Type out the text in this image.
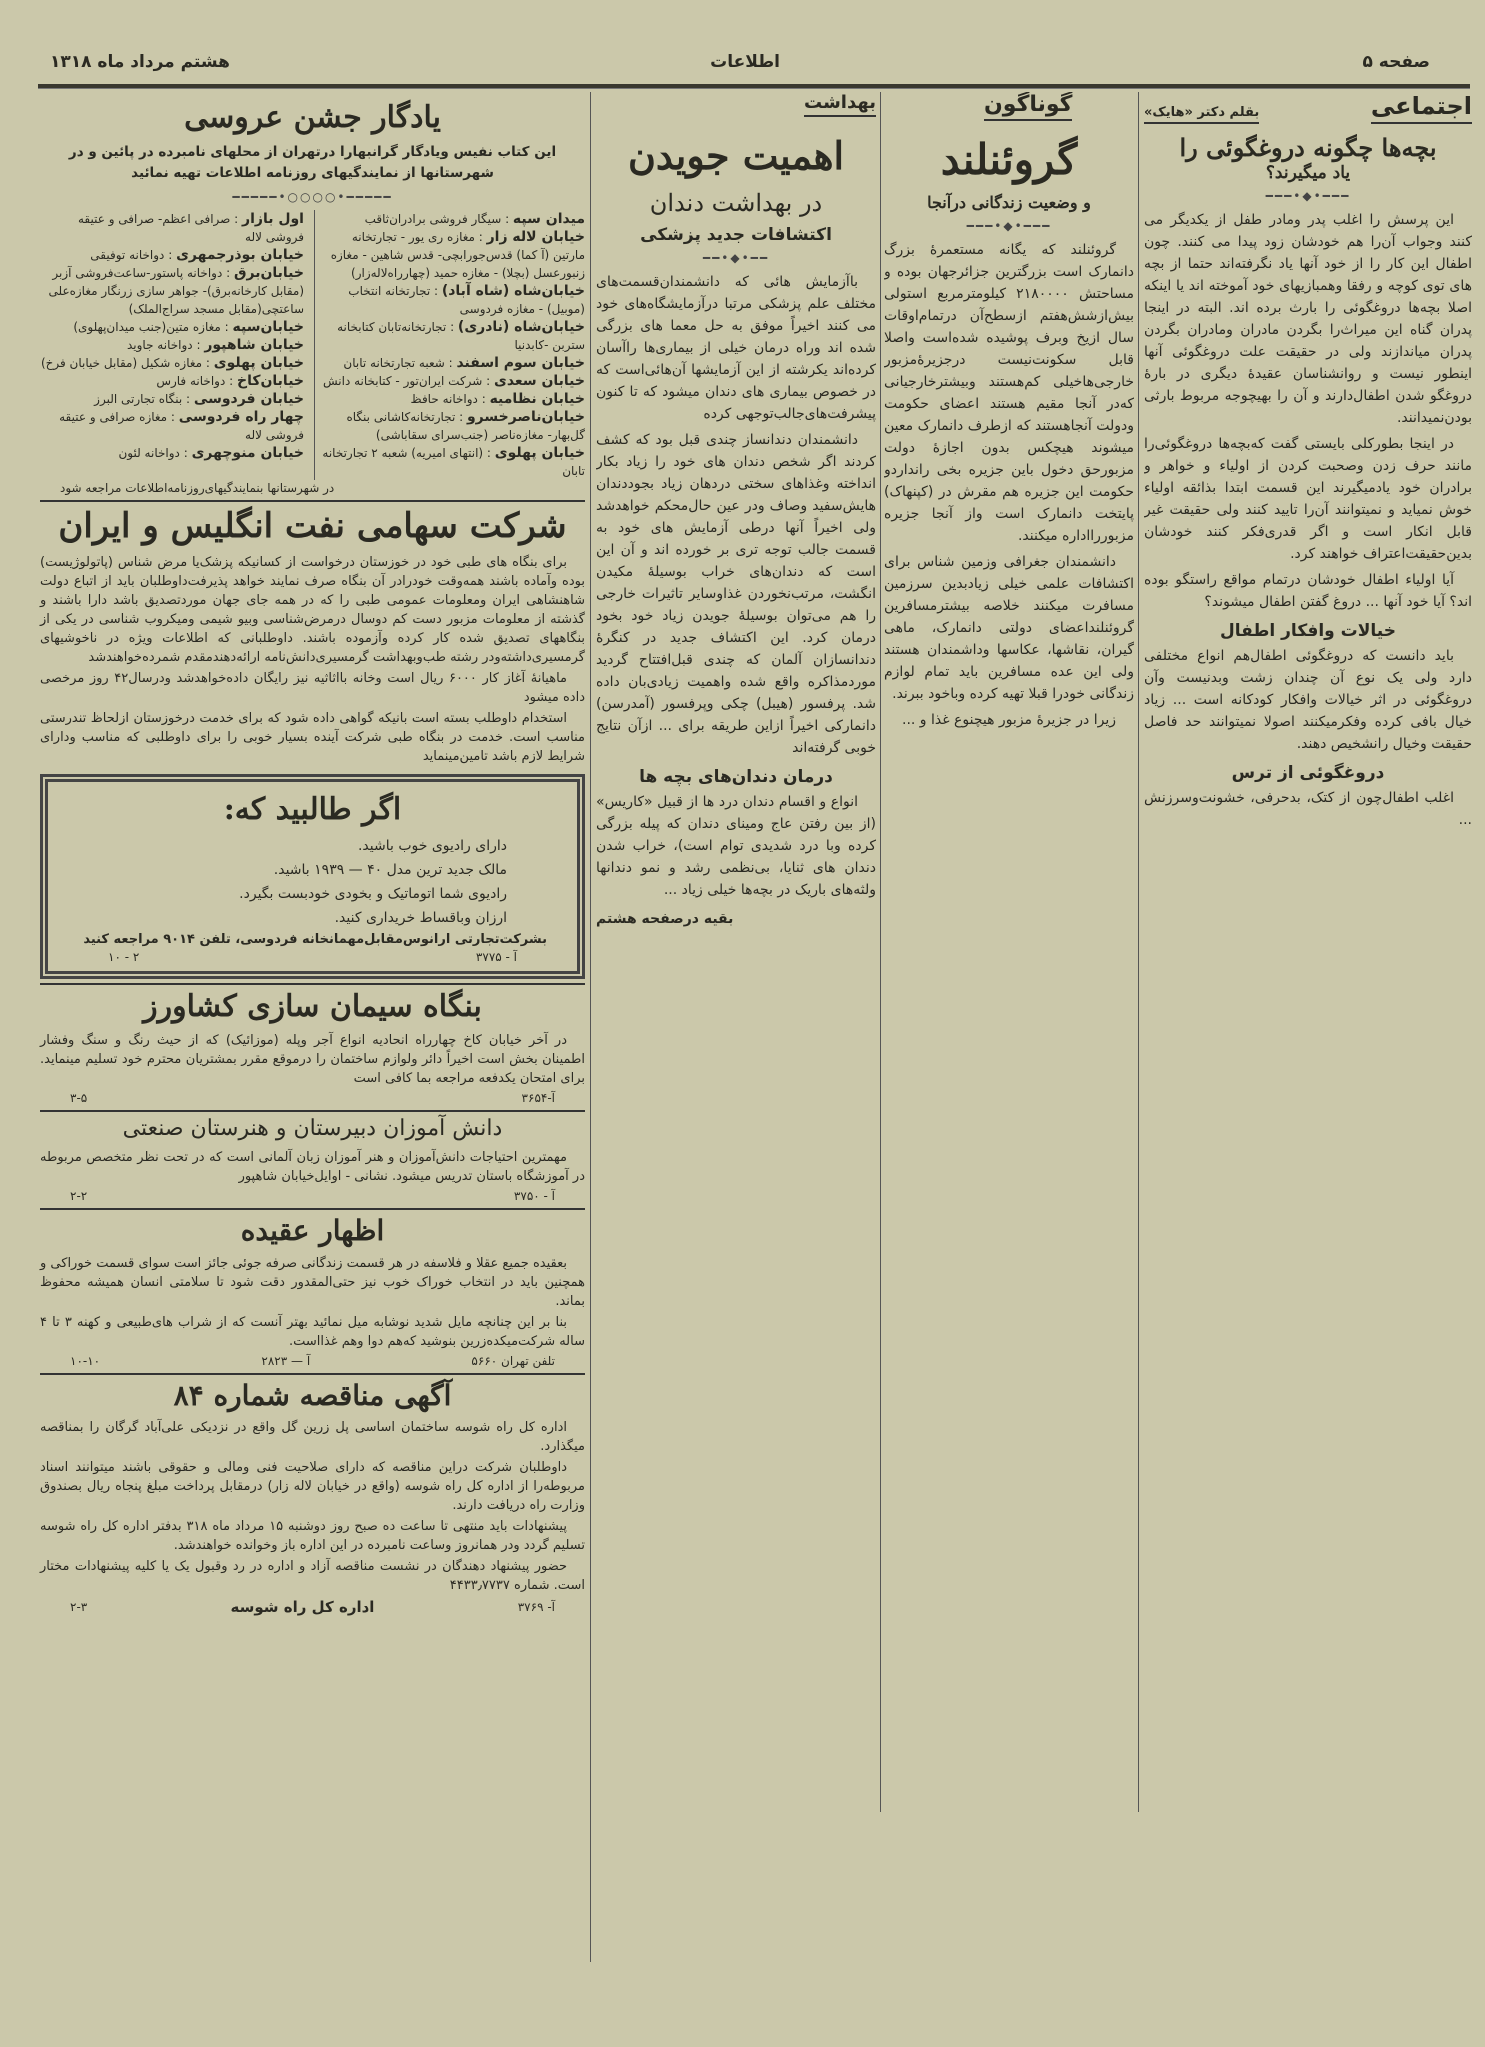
صفحه ۵
اطلاعات
هشتم مرداد ماه ۱۳۱۸
اجتماعی
بقلم دکتر «هایک»
بچه‌ها چگونه دروغگوئی را
یاد میگیرند؟
━━━•◆•━━━

این پرسش را اغلب پدر ومادر طفل از یکدیگر می کنند وجواب آن‌را هم خودشان زود پیدا می کنند. چون اطفال این کار را از خود آنها یاد نگرفته‌اند حتما از بچه های توی کوچه و رفقا وهمبازیهای خود آموخته اند یا اینکه اصلا بچه‌ها دروغگوئی را بارث برده اند. البته در اینجا پدران گناه این میراث‌را بگردن مادران ومادران بگردن پدران میاندازند ولی در حقیقت علت دروغگوئی آنها اینطور نیست و روانشناسان عقیدهٔ دیگری در بارهٔ دروغگو شدن اطفال‌دارند و آن را بهیچوجه مربوط بارثی بودن‌نمیدانند.

در اینجا بطورکلی بایستی گفت که‌بچه‌ها دروغگوئی‌را مانند حرف زدن وصحبت کردن از اولیاء و خواهر و برادران خود یادمیگیرند این قسمت ابتدا بذائقه اولیاء خوش نمیاید و نمیتوانند آن‌را تایید کنند ولی حقیقت غیر قابل انکار است و اگر قدری‌فکر کنند خودشان بدین‌حقیقت‌اعتراف خواهند کرد.

آیا اولیاء اطفال خودشان درتمام مواقع راستگو بوده اند؟ آیا خود آنها ... دروغ گفتن اطفال میشوند؟

خیالات وافکار اطفال

باید دانست که دروغگوئی اطفال‌هم انواع مختلفی دارد ولی یک نوع آن چندان زشت وبدنیست وآن دروغگوئی در اثر خیالات وافکار کودکانه است ... زیاد خیال بافی کرده وفکرمیکنند اصولا نمیتوانند حد فاصل حقیقت وخیال رانشخیص دهند.

دروغگوئی از ترس

اغلب اطفال‌چون از کتک، بدحرفی، خشونت‌وسرزنش ...

گوناگون
گروئنلند
و وضعیت زندگانی درآنجا
━━━•◆•━━━

گروئنلند که یگانه مستعمرهٔ بزرگ دانمارک است بزرگترین جزائرجهان بوده و مساحتش ۲۱۸۰۰۰۰ کیلومترمربع استولی بیش‌ازشش‌هفتم ازسطح‌آن درتمام‌اوقات سال ازیخ وبرف پوشیده شده‌است واصلا قابل سکونت‌نیست درجزیرهٔ‌مزبور خارجی‌هاخیلی کم‌هستند وبیشترخارجیانی که‌در آنجا مقیم هستند اعضای حکومت ودولت آنجاهستند که ازطرف دانمارک معین میشوند هیچکس بدون اجازهٔ دولت مزبورحق دخول باین جزیره بخی رانداردو حکومت این جزیره هم مقرش در (کپنهاک) پایتخت دانمارک است واز آنجا جزیره مزبوررااداره میکنند.

دانشمندان جغرافی وزمین شناس برای اکتشافات علمی خیلی زیادبدین سرزمین مسافرت میکنند خلاصه بیشترمسافرین گروئنلنداعضای دولتی دانمارک، ماهی گیران، نقاشها، عکاسها وداشمندان هستند ولی این عده مسافرین باید تمام لوازم زندگانی خودرا قبلا تهیه کرده وباخود ببرند.

زیرا در جزیرهٔ مزبور هیچنوع غذا و ...

بهداشت
اهمیت جویدن
در بهداشت دندان
اکتشافات جدید پزشکی
━━•◆•━━

باآزمایش هائی که دانشمندان‌قسمت‌های مختلف علم پزشکی مرتبا درآزمایشگاه‌های خود می کنند اخیراً موفق به حل معما های بزرگی شده اند وراه درمان خیلی از بیماری‌ها راآسان کرده‌اند یکرشته از این آزمایشها آن‌هائی‌است که در خصوص بیماری های دندان میشود که تا کنون پیشرفت‌های‌جالب‌توجهی کرده

دانشمندان دندانساز چندی قبل بود که کشف کردند اگر شخص دندان های خود را زیاد بکار انداخته وغذاهای سختی دردهان زیاد بجوددندان هایش‌سفید وصاف ودر عین حال‌محکم خواهدشد ولی اخیراً آنها درطی آزمایش های خود به قسمت جالب توجه تری بر خورده اند و آن این است که دندان‌های خراب بوسیلهٔ مکیدن انگشت، مرتب‌نخوردن غذاوسایر تاثیرات خارجی را هم می‌توان بوسیلهٔ جویدن زیاد خود بخود درمان کرد. این اکتشاف جدید در کنگرهٔ دندانسازان آلمان که چندی قبل‌افتتاح گردید موردمذاکره واقع شده واهمیت زیادی‌بان داده شد. پرفسور (هیبل) چکی وپرفسور (آمدرسن) دانمارکی اخیراً ازاین طریقه برای ... ازآن نتایج خوبی گرفته‌اند

درمان دندان‌های بچه ها

انواع و اقسام دندان درد ها از قبیل «کاریس» (از بین رفتن عاج ومینای دندان که پیله بزرگی کرده وبا درد شدیدی توام است)، خراب شدن دندان های ثنایا، بی‌نظمی رشد و نمو دندانها ولثه‌های باریک در بچه‌ها خیلی زیاد ...

بقیه درصفحه هشتم
یادگار جشن عروسی
این کتاب نفیس ویادگار گرانبهارا درتهران از محلهای نامبرده در پائین و در شهرستانها از نمایندگیهای روزنامه اطلاعات تهیه نمائید
━━━━━•○○○○•━━━━━
میدان سپه : سیگار فروشی برادران‌ثاقب
خیابان لاله زار : مغازه ری یور - تجارتخانه مارتین (آ کما) قدس‌جورابچی- قدس شاهین - مغازه زنبورعسل (بچلا) - مغازه حمید (چهارراه‌لاله‌زار)
خیابان‌شاه (شاه آباد) : تجارتخانه انتخاب (موبیل) - مغازه فردوسی
خیابان‌شاه (نادری) : تجارتخانه‌تابان کتابخانه ستربن -کابدنیا
خیابان سوم اسفند : شعبه تجارتخانه تابان
خیابان سعدی : شرکت ایران‌تور - کتابخانه دانش
خیابان نظامیه : دواخانه حافظ
خیابان‌ناصرخسرو : تجارتخانه‌کاشانی بنگاه گل‌بهار- مغازه‌ناصر (جنب‌سرای سقاباشی)
خیابان پهلوی : (انتهای امیریه) شعبه ۲ تجارتخانه تابان
اول بازار : صرافی اعظم- صرافی و عتیقه فروشی لاله
خیابان بوذرجمهری : دواخانه توفیقی
خیابان‌برق : دواخانه پاستور-ساعت‌فروشی آزبر (مقابل کارخانه‌برق)- جواهر سازی زرنگار مغازه‌علی ساعتچی(مقابل مسجد سراج‌الملک)
خیابان‌سپه : مغازه متین(جنب میدان‌پهلوی)
خیابان شاهپور : دواخانه جاوید
خیابان پهلوی : مغازه شکیل (مقابل خیابان فرخ)
خیابان‌کاخ : دواخانه فارس
خیابان فردوسی : بنگاه تجارتی البرز
چهار راه فردوسی : مغازه صرافی و عتیقه فروشی لاله
خیابان منوچهری : دواخانه لئون
در شهرستانها بنمایندگیهای‌روزنامه‌اطلاعات مراجعه شود
شرکت سهامی نفت انگلیس و ایران

برای بنگاه های طبی خود در خوزستان درخواست از کسانیکه پزشک‌یا مرض شناس (پاتولوژیست) بوده وآماده باشند همه‌وقت خودرادر آن بنگاه صرف نمایند خواهد پذیرفت‌داوطلبان باید از اتباع دولت شاهنشاهی ایران ومعلومات عمومی طبی را که در همه جای جهان موردتصدیق باشد دارا باشند و گذشته از معلومات مزبور دست کم دوسال درمرض‌شناسی وبیو شیمی ومیکروب شناسی در یکی از بنگاههای تصدیق شده کار کرده وآزموده باشند. داوطلبانی که اطلاعات ویژه در ناخوشیهای گرمسیری‌داشته‌ودر رشته طب‌وبهداشت گرمسیری‌دانش‌نامه ارائه‌دهند‌مقدم شمرده‌خواهندشد

ماهیانهٔ آغاز کار ۶۰۰۰ ریال است وخانه بااثاثیه نیز رایگان داده‌خواهدشد ودرسال۴۲ روز مرخصی داده میشود

استخدام داوطلب بسته است بانیکه گواهی داده شود که برای خدمت درخوزستان ازلحاظ تندرستی مناسب است. خدمت در بنگاه طبی شرکت آینده بسیار خوبی را برای داوطلبی که مناسب ودارای شرایط لازم باشد تامین‌مینماید

اگر طالبید که:
دارای رادیوی خوب باشید.
مالک جدید ترین مدل ۴۰ — ۱۹۳۹ باشید.
رادیوی شما اتوماتیک و بخودی خودبست بگیرد.
ارزان وباقساط خریداری کنید.
بشرکت‌تجارتی ارانوس‌مقابل‌مهمانخانه فردوسی، تلفن ۹۰۱۴ مراجعه کنید
آ - ۳۷۷۵
۲ - ۱۰
بنگاه سیمان سازی کشاورز

در آخر خیابان کاخ چهارراه انحادیه انواع آجر وپله (موزائیک) که از حیث رنگ و سنگ وفشار اطمینان بخش است اخیراً دائر ولوازم ساختمان را درموقع مقرر بمشتریان محترم خود تسلیم مینماید. برای امتحان یکدفعه مراجعه بما کافی است

آ-۳۶۵۴
۳-۵
دانش آموزان دبیرستان و هنرستان صنعتی

مهمترین احتیاجات دانش‌آموزان و هنر آموزان زبان آلمانی است که در تحت نظر متخصص مربوطه در آموزشگاه باستان تدریس میشود. نشانی - اوایل‌خیابان شاهپور

آ - ۳۷۵۰
۲-۲
اظهار عقیده

بعقیده جمیع عقلا و فلاسفه در هر قسمت زندگانی صرفه جوئی جائز است سوای قسمت خوراکی و همچنین باید در انتخاب خوراک خوب نیز حتی‌المقدور دقت شود تا سلامتی انسان همیشه محفوظ بماند.

بنا بر این چنانچه مایل شدید نوشابه میل نمائید بهتر آنست که از شراب های‌طبیعی و کهنه ۳ تا ۴ ساله شرکت‌میکده‌زرین بنوشید که‌هم دوا وهم غذااست.

تلفن تهران ۵۶۶۰
آ — ۲۸۲۳
۱۰-۱۰
آگهی مناقصه شماره ۸۴

اداره کل راه شوسه ساختمان اساسی پل زرین گل واقع در نزدیکی علی‌آباد گرگان را بمناقصه میگذارد.

داوطلبان شرکت دراین مناقصه که دارای صلاحیت فنی ومالی و حقوقی باشند میتوانند اسناد مربوطه‌را از اداره کل راه شوسه (واقع در خیابان لاله زار) درمقابل پرداخت مبلغ پنجاه ریال بصندوق وزارت راه دریافت دارند.

پیشنهادات باید منتهی تا ساعت ده صبح روز دوشنبه ۱۵ مرداد ماه ۳۱۸ بدفتر اداره کل راه شوسه تسلیم گردد ودر همانروز وساعت نامبرده در این اداره باز وخوانده خواهندشد.

حضور پیشنهاد دهندگان در نشست مناقصه آزاد و اداره در رد وقبول یک یا کلیه پیشنهادات مختار است. شماره ۴۴۳۳٫۷۷۳۷

آ- ۳۷۶۹
اداره کل راه شوسه
۲-۳
